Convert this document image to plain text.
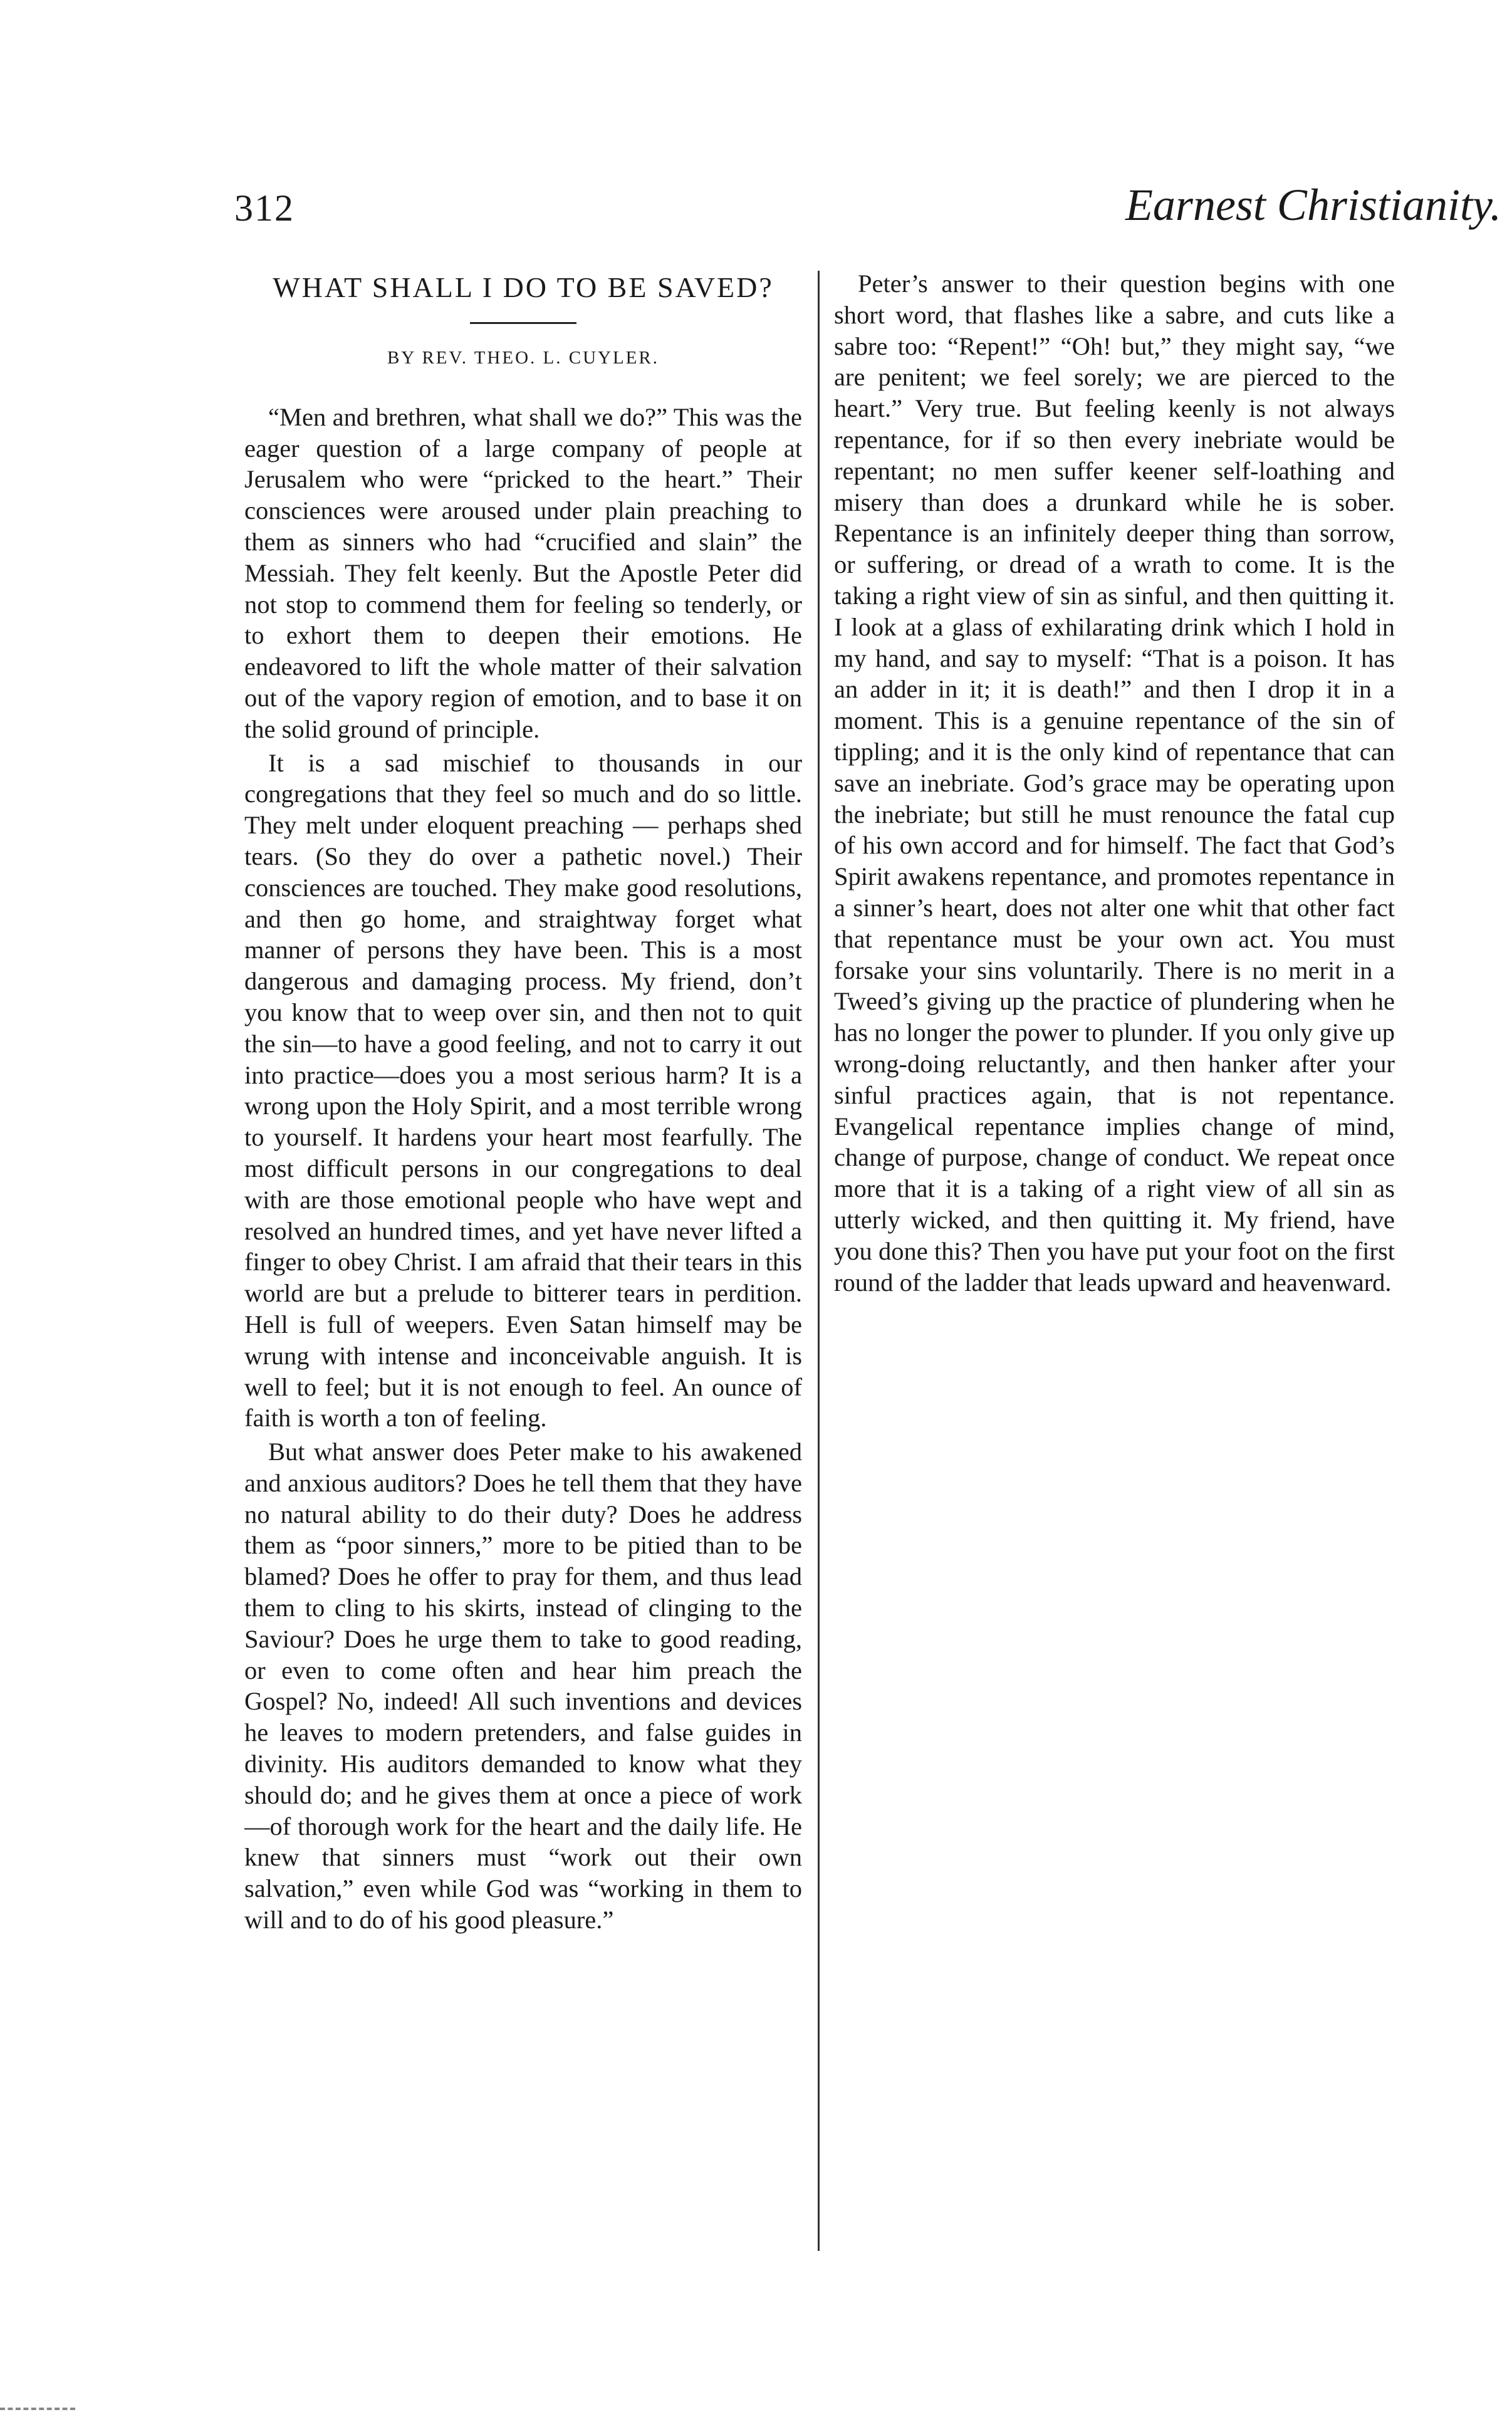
312	Earnest Christianity.
WHAT SHALL I DO TO BE SAVED?

BY REV. THEO. L. CUYLER.

“Men and brethren, what shall we do?” This was the eager question of a large company of people at Jerusalem who were “pricked to the heart.” Their consciences were aroused under plain preaching to them as sinners who had “crucified and slain” the Messiah. They felt keenly. But the Apostle Peter did not stop to commend them for feeling so tenderly, or to exhort them to deepen their emotions. He endeavored to lift the whole matter of their salvation out of the vapory region of emotion, and to base it on the solid ground of principle.

It is a sad mischief to thousands in our congregations that they feel so much and do so little. They melt under eloquent preaching — perhaps shed tears. (So they do over a pathetic novel.) Their consciences are touched. They make good resolutions, and then go home, and straightway forget what manner of persons they have been. This is a most dangerous and damaging process. My friend, don’t you know that to weep over sin, and then not to quit the sin—to have a good feeling, and not to carry it out into practice—does you a most serious harm? It is a wrong upon the Holy Spirit, and a most terrible wrong to yourself. It hardens your heart most fearfully. The most difficult persons in our congregations to deal with are those emotional people who have wept and resolved an hundred times, and yet have never lifted a finger to obey Christ. I am afraid that their tears in this world are but a prelude to bitterer tears in perdition. Hell is full of weepers. Even Satan himself may be wrung with intense and inconceivable anguish. It is well to feel; but it is not enough to feel. An ounce of faith is worth a ton of feeling.

But what answer does Peter make to his awakened and anxious auditors? Does he tell them that they have no natural ability to do their duty? Does he address them as “poor sinners,” more to be pitied than to be blamed? Does he offer to pray for them, and thus lead them to cling to his skirts, instead of clinging to the Saviour? Does he urge them to take to good reading, or even to come often and hear him preach the Gospel? No, indeed! All such inventions and devices he leaves to modern pretenders, and false guides in divinity. His auditors demanded to know what they should do; and he gives them at once a piece of work—of thorough work for the heart and the daily life. He knew that sinners must “work out their own salvation,” even while God was “working in them to will and to do of his good pleasure.”

Peter’s answer to their question begins with one short word, that flashes like a sabre, and cuts like a sabre too: “Repent!” “Oh! but,” they might say, “we are penitent; we feel sorely; we are pierced to the heart.” Very true. But feeling keenly is not always repentance, for if so then every inebriate would be repentant; no men suffer keener self-loathing and misery than does a drunkard while he is sober. Repentance is an infinitely deeper thing than sorrow, or suffering, or dread of a wrath to come. It is the taking a right view of sin as sinful, and then quitting it. I look at a glass of exhilarating drink which I hold in my hand, and say to myself: “That is a poison. It has an adder in it; it is death!” and then I drop it in a moment. This is a genuine repentance of the sin of tippling; and it is the only kind of repentance that can save an inebriate. God’s grace may be operating upon the inebriate; but still he must renounce the fatal cup of his own accord and for himself. The fact that God’s Spirit awakens repentance, and promotes repentance in a sinner’s heart, does not alter one whit that other fact that repentance must be your own act. You must forsake your sins voluntarily. There is no merit in a Tweed’s giving up the practice of plundering when he has no longer the power to plunder. If you only give up wrong-doing reluctantly, and then hanker after your sinful practices again, that is not repentance. Evangelical repentance implies change of mind, change of purpose, change of conduct. We repeat once more that it is a taking of a right view of all sin as utterly wicked, and then quitting it. My friend, have you done this? Then you have put your foot on the first round of the ladder that leads upward and heavenward.
